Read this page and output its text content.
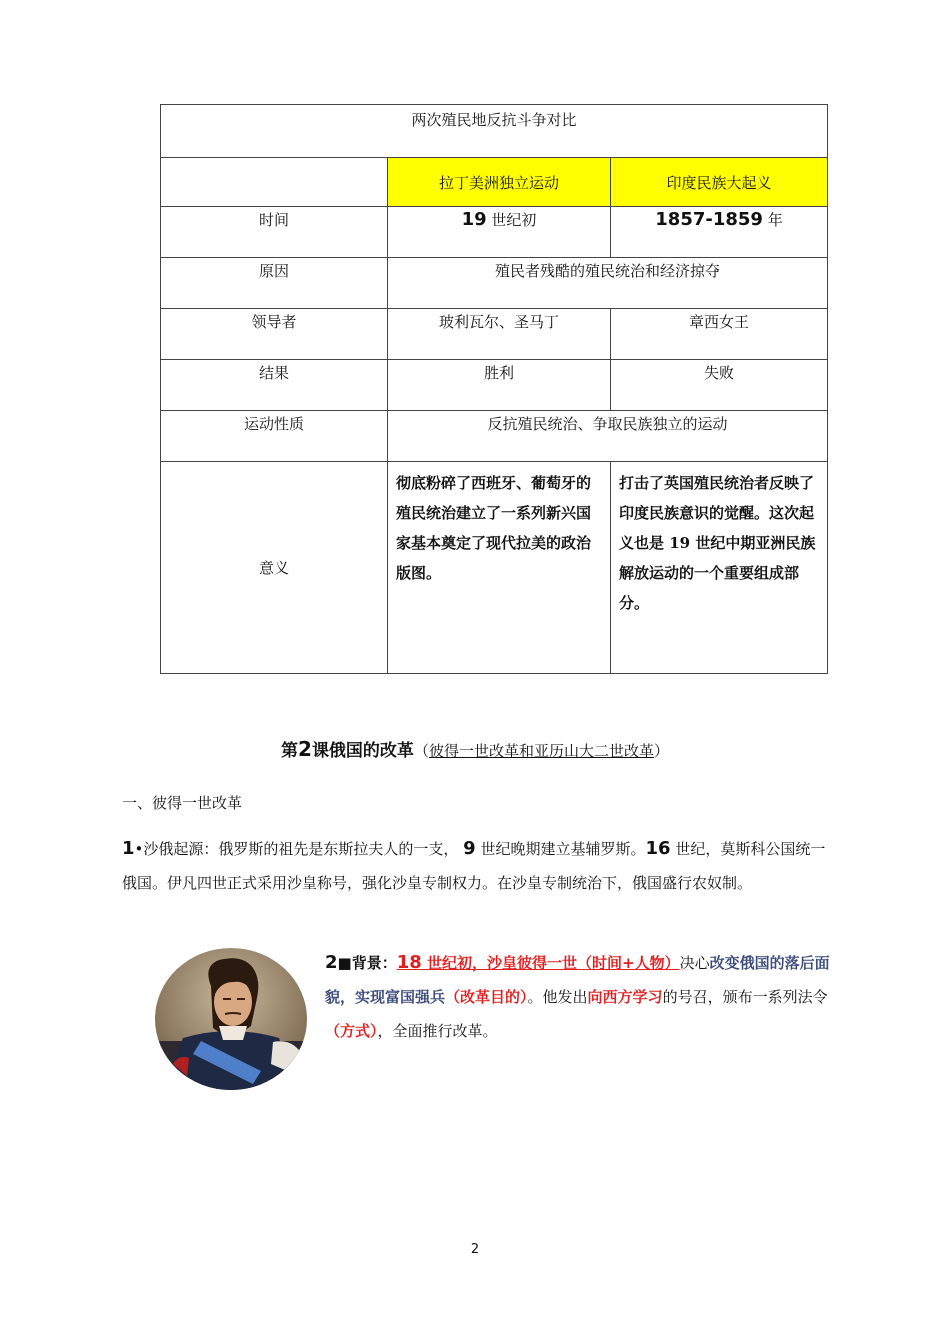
两次殖民地反抗斗争对比		
	拉丁美洲独立运动	印度民族大起义
时间	19 世纪初	1857-1859 年
原因	殖民者残酷的殖民统治和经济掠夺	
领导者	玻利瓦尔、圣马丁	章西女王
结果	胜利	失败
运动性质	反抗殖民统治、争取民族独立的运动	
意义	彻底粉碎了西班牙、葡萄牙的殖民统治建立了一系列新兴国家基本奠定了现代拉美的政治版图。	打击了英国殖民统治者反映了印度民族意识的觉醒。这次起义也是 19 世纪中期亚洲民族解放运动的一个重要组成部分。
第2课俄国的改革（彼得一世改革和亚历山大二世改革）
一、彼得一世改革
1•沙俄起源：俄罗斯的祖先是东斯拉夫人的一支， 9 世纪晚期建立基辅罗斯。16 世纪，莫斯科公国统一俄国。伊凡四世正式采用沙皇称号，强化沙皇专制权力。在沙皇专制统治下，俄国盛行农奴制。
2■背景：18 世纪初，沙皇彼得一世（时间+人物）决心改变俄国的落后面貌，实现富国强兵（改革目的）。他发出向西方学习的号召，颁布一系列法令（方式），全面推行改革。
2
